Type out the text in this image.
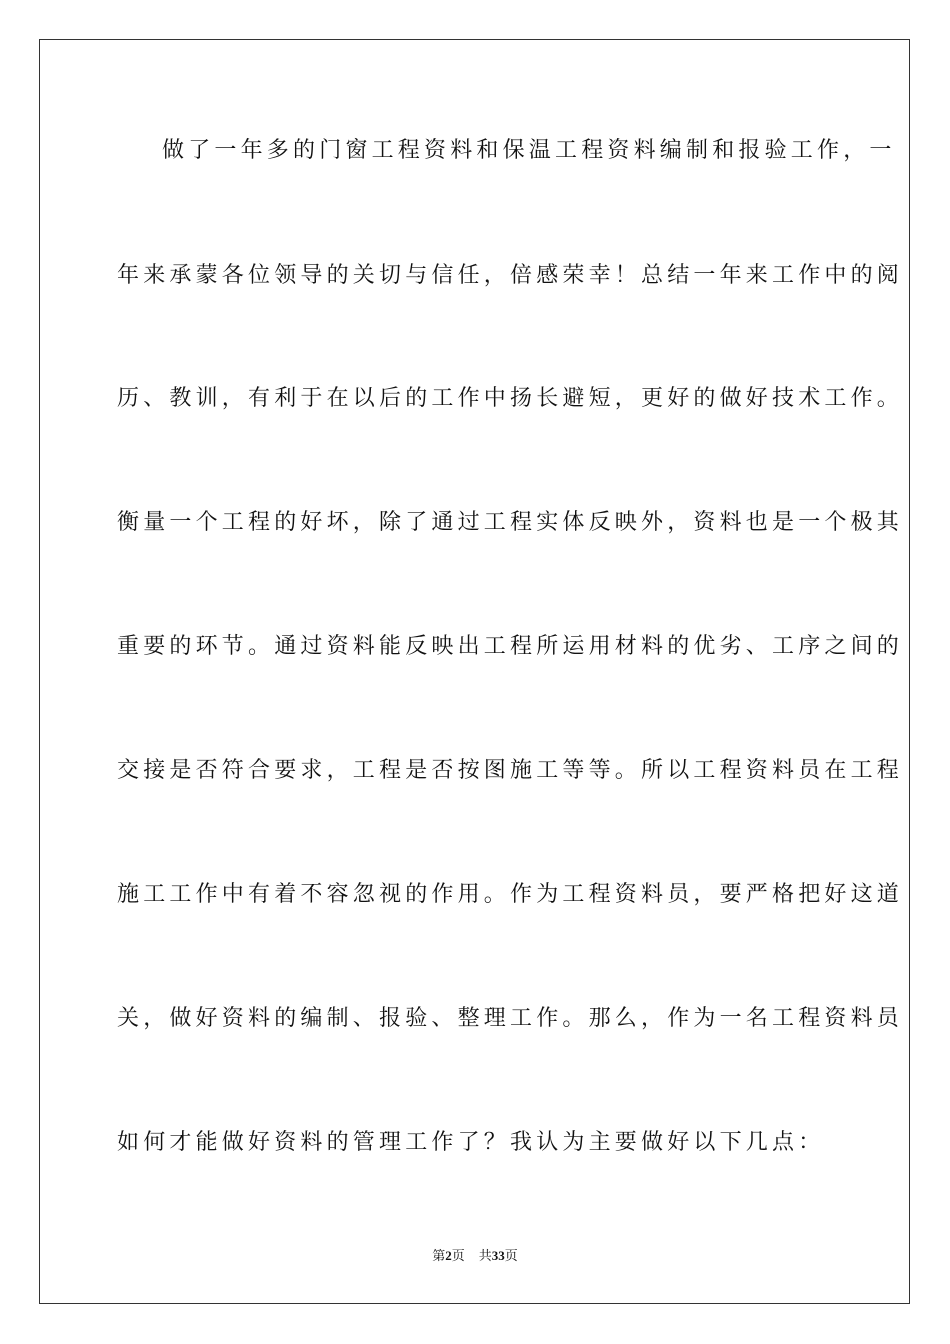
做了一年多的门窗工程资料和保温工程资料编制和报验工作，一
年来承蒙各位领导的关切与信任，倍感荣幸！总结一年来工作中的阅
历、教训，有利于在以后的工作中扬长避短，更好的做好技术工作。
衡量一个工程的好坏，除了通过工程实体反映外，资料也是一个极其
重要的环节。通过资料能反映出工程所运用材料的优劣、工序之间的
交接是否符合要求，工程是否按图施工等等。所以工程资料员在工程
施工工作中有着不容忽视的作用。作为工程资料员，要严格把好这道
关，做好资料的编制、报验、整理工作。那么，作为一名工程资料员
如何才能做好资料的管理工作了？我认为主要做好以下几点：
第2页 共33页
